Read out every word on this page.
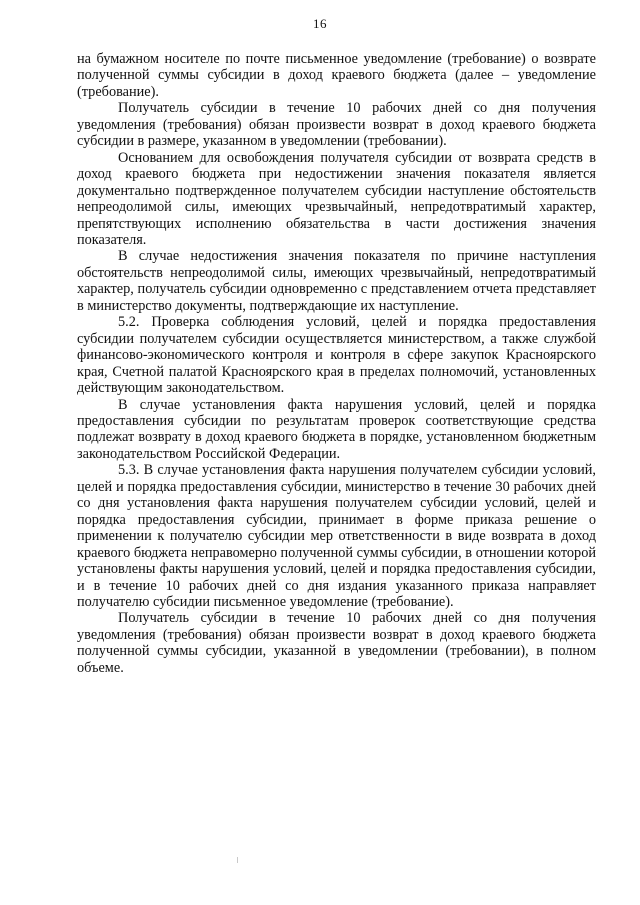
16

на бумажном носителе по почте письменное уведомление (требование) о возврате полученной суммы субсидии в доход краевого бюджета (далее – уведомление (требование).

Получатель субсидии в течение 10 рабочих дней со дня получения уведомления (требования) обязан произвести возврат в доход краевого бюджета субсидии в размере, указанном в уведомлении (требовании).

Основанием для освобождения получателя субсидии от возврата средств в доход краевого бюджета при недостижении значения показателя является документально подтвержденное получателем субсидии наступление обстоятельств непреодолимой силы, имеющих чрезвычайный, непредотвратимый характер, препятствующих исполнению обязательства в части достижения значения показателя.

В случае недостижения значения показателя по причине наступления обстоятельств непреодолимой силы, имеющих чрезвычайный, непредотвратимый характер, получатель субсидии одновременно с представлением отчета представляет в министерство документы, подтверждающие их наступление.

5.2. Проверка соблюдения условий, целей и порядка предоставления субсидии получателем субсидии осуществляется министерством, а также службой финансово-экономического контроля и контроля в сфере закупок Красноярского края, Счетной палатой Красноярского края в пределах полномочий, установленных действующим законодательством.

В случае установления факта нарушения условий, целей и порядка предоставления субсидии по результатам проверок соответствующие средства подлежат возврату в доход краевого бюджета в порядке, установленном бюджетным законодательством Российской Федерации.

5.3. В случае установления факта нарушения получателем субсидии условий, целей и порядка предоставления субсидии, министерство в течение 30 рабочих дней со дня установления факта нарушения получателем субсидии условий, целей и порядка предоставления субсидии, принимает в форме приказа решение о применении к получателю субсидии мер ответственности в виде возврата в доход краевого бюджета неправомерно полученной суммы субсидии, в отношении которой установлены факты нарушения условий, целей и порядка предоставления субсидии, и в течение 10 рабочих дней со дня издания указанного приказа направляет получателю субсидии письменное уведомление (требование).

Получатель субсидии в течение 10 рабочих дней со дня получения уведомления (требования) обязан произвести возврат в доход краевого бюджета полученной суммы субсидии, указанной в уведомлении (требовании), в полном объеме.
